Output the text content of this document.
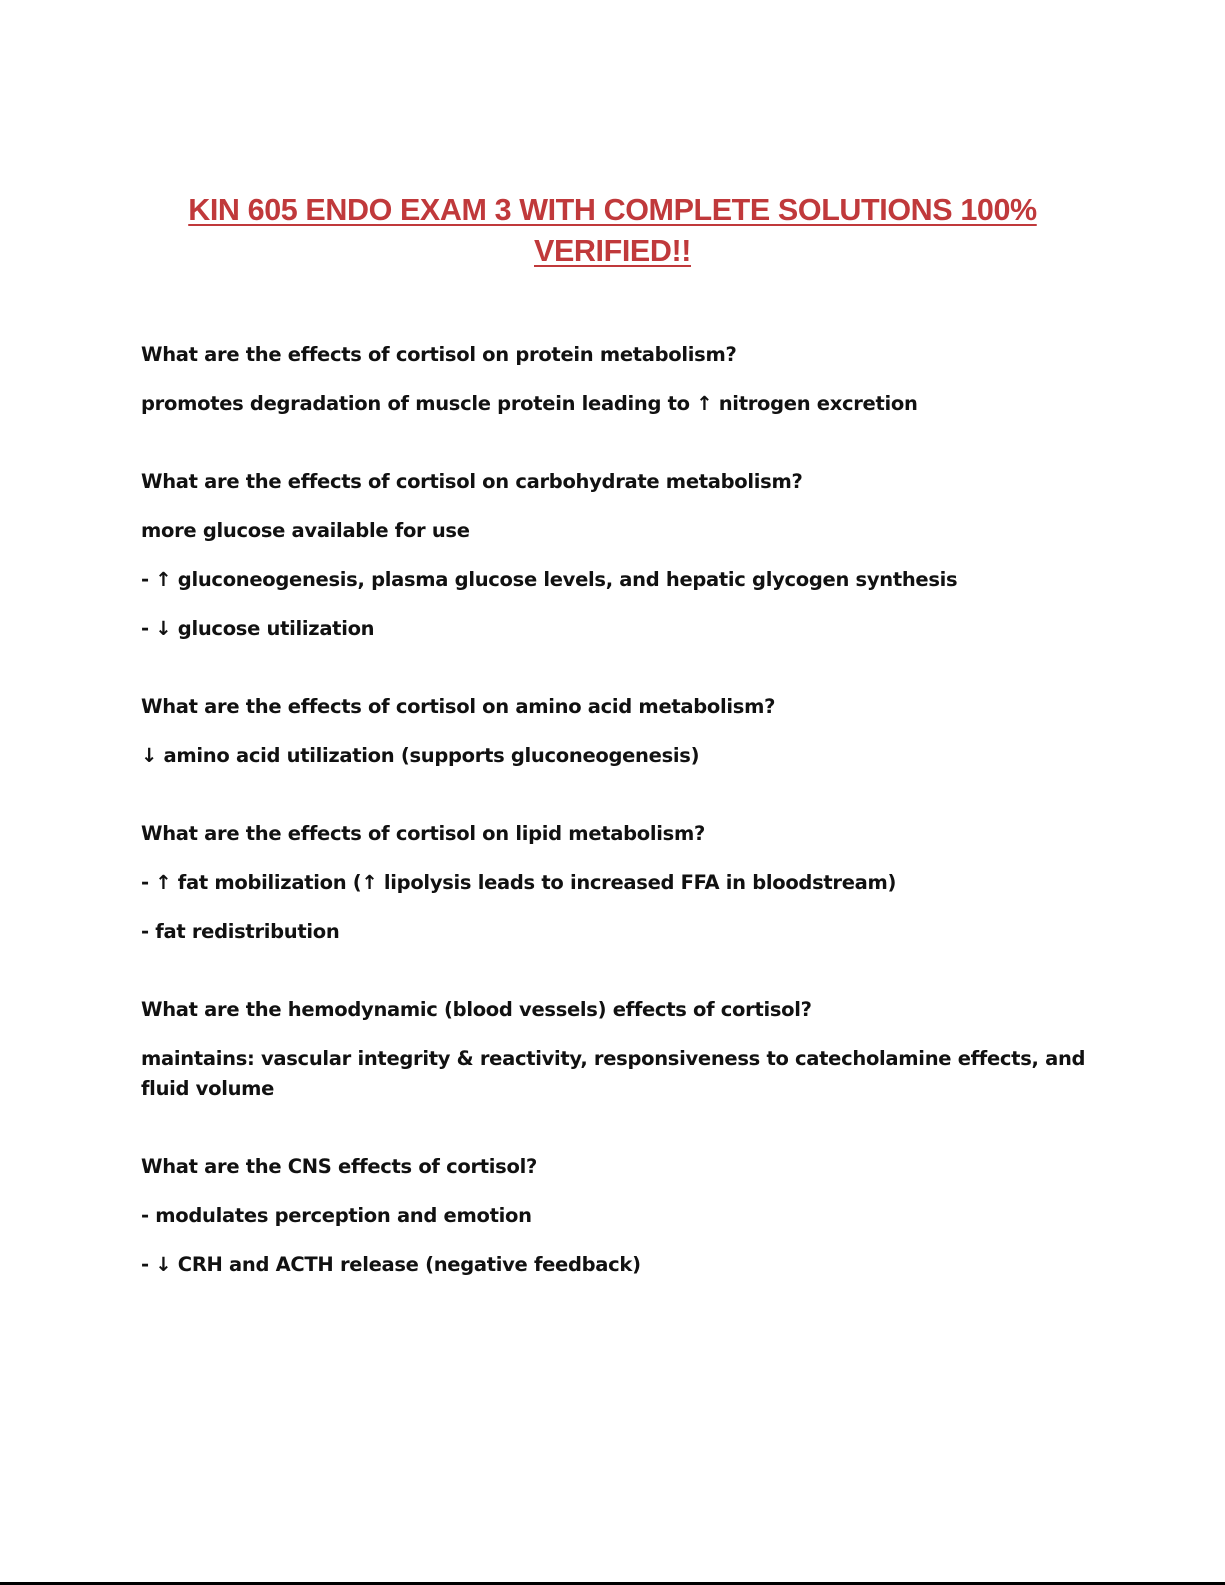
KIN 605 ENDO EXAM 3 WITH COMPLETE SOLUTIONS 100%
VERIFIED!!
What are the effects of cortisol on protein metabolism?
promotes degradation of muscle protein leading to ↑ nitrogen excretion
What are the effects of cortisol on carbohydrate metabolism?
more glucose available for use
- ↑ gluconeogenesis, plasma glucose levels, and hepatic glycogen synthesis
- ↓ glucose utilization
What are the effects of cortisol on amino acid metabolism?
↓ amino acid utilization (supports gluconeogenesis)
What are the effects of cortisol on lipid metabolism?
- ↑ fat mobilization (↑ lipolysis leads to increased FFA in bloodstream)
- fat redistribution
What are the hemodynamic (blood vessels) effects of cortisol?
maintains: vascular integrity & reactivity, responsiveness to catecholamine effects, and fluid volume
What are the CNS effects of cortisol?
- modulates perception and emotion
- ↓ CRH and ACTH release (negative feedback)
